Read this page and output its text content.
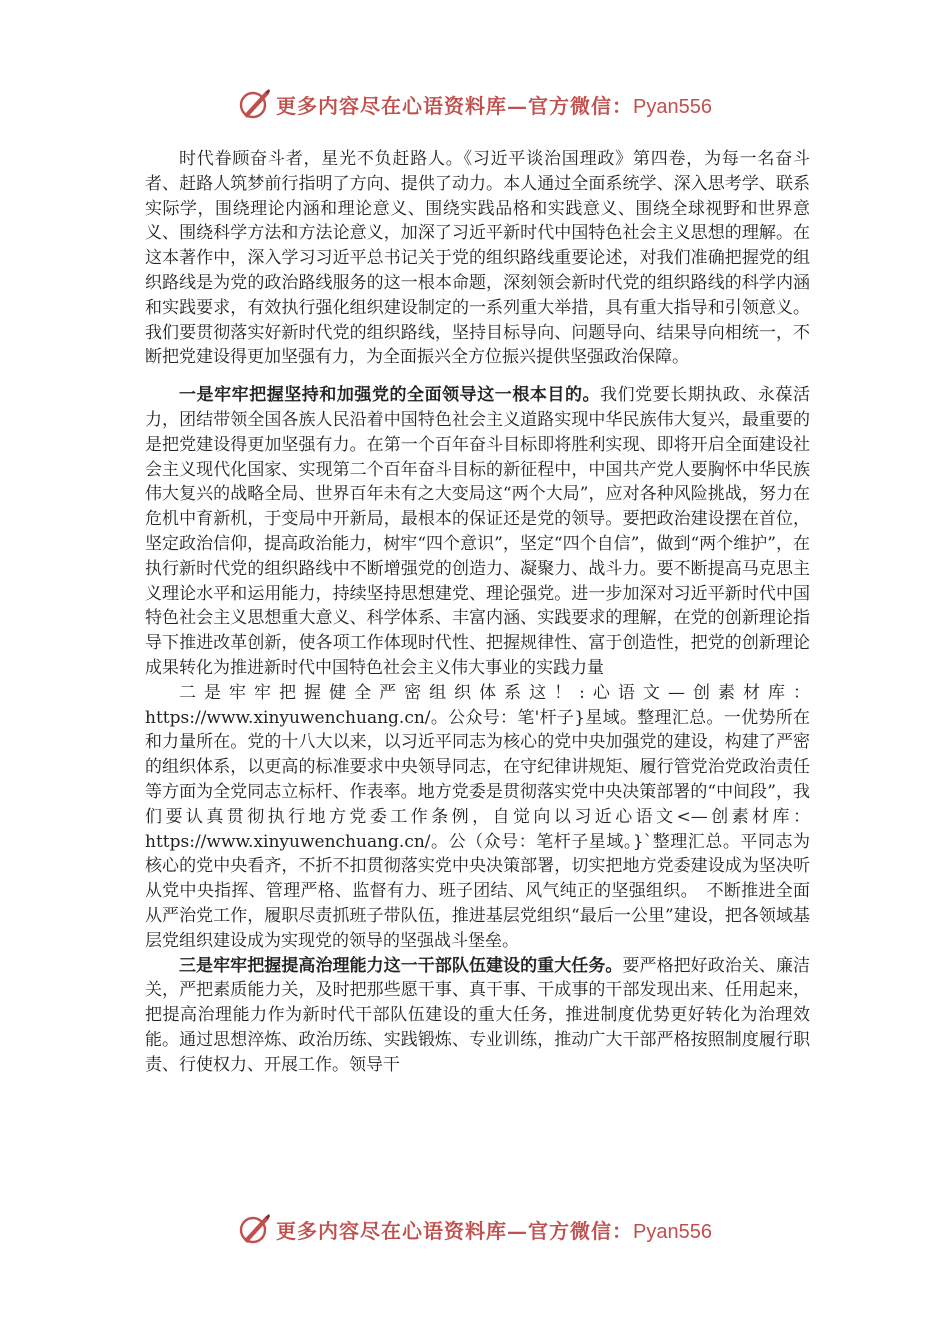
更多内容尽在心语资料库—官方微信：Pyan556

时代眷顾奋斗者，星光不负赶路人。《习近平谈治国理政》第四卷，为每一名奋斗者、赶路人筑梦前行指明了方向、提供了动力。本人通过全面系统学、深入思考学、联系实际学，围绕理论内涵和理论意义、围绕实践品格和实践意义、围绕全球视野和世界意义、围绕科学方法和方法论意义，加深了习近平新时代中国特色社会主义思想的理解。在这本著作中，深入学习习近平总书记关于党的组织路线重要论述，对我们准确把握党的组织路线是为党的政治路线服务的这一根本命题，深刻领会新时代党的组织路线的科学内涵和实践要求，有效执行强化组织建设制定的一系列重大举措，具有重大指导和引领意义。我们要贯彻落实好新时代党的组织路线，坚持目标导向、问题导向、结果导向相统一，不断把党建设得更加坚强有力，为全面振兴全方位振兴提供坚强政治保障。

一是牢牢把握坚持和加强党的全面领导这一根本目的。我们党要长期执政、永葆活力，团结带领全国各族人民沿着中国特色社会主义道路实现中华民族伟大复兴，最重要的是把党建设得更加坚强有力。在第一个百年奋斗目标即将胜利实现、即将开启全面建设社会主义现代化国家、实现第二个百年奋斗目标的新征程中，中国共产党人要胸怀中华民族伟大复兴的战略全局、世界百年未有之大变局这“两个大局”，应对各种风险挑战，努力在危机中育新机，于变局中开新局，最根本的保证还是党的领导。要把政治建设摆在首位，坚定政治信仰，提高政治能力，树牢“四个意识”，坚定“四个自信”，做到“两个维护”，在执行新时代党的组织路线中不断增强党的创造力、凝聚力、战斗力。要不断提高马克思主义理论水平和运用能力，持续坚持思想建党、理论强党。进一步加深对习近平新时代中国特色社会主义思想重大意义、科学体系、丰富内涵、实践要求的理解，在党的创新理论指导下推进改革创新，使各项工作体现时代性、把握规律性、富于创造性，把党的创新理论成果转化为推进新时代中国特色社会主义伟大事业的实践力量

二是牢牢把握健全严密组织体系这！:心语文—创素材库：https://www.xinyuwenchuang.cn/。公众号：笔'杆子}星域。整理汇总。一优势所在和力量所在。党的十八大以来，以习近平同志为核心的党中央加强党的建设，构建了严密的组织体系，以更高的标准要求中央领导同志，在守纪律讲规矩、履行管党治党政治责任等方面为全党同志立标杆、作表率。地方党委是贯彻落实党中央决策部署的“中间段”，我们要认真贯彻执行地方党委工作条例，自觉向以习近心语文<—创素材库：https://www.xinyuwenchuang.cn/。公（众号：笔杆子星域。}`整理汇总。平同志为核心的党中央看齐，不折不扣贯彻落实党中央决策部署，切实把地方党委建设成为坚决听从党中央指挥、管理严格、监督有力、班子团结、风气纯正的坚强组织。　不断推进全面从严治党工作，履职尽责抓班子带队伍，推进基层党组织“最后一公里”建设，把各领域基层党组织建设成为实现党的领导的坚强战斗堡垒。

三是牢牢把握提高治理能力这一干部队伍建设的重大任务。要严格把好政治关、廉洁关，严把素质能力关，及时把那些愿干事、真干事、干成事的干部发现出来、任用起来，把提高治理能力作为新时代干部队伍建设的重大任务，推进制度优势更好转化为治理效能。通过思想淬炼、政治历练、实践锻炼、专业训练，推动广大干部严格按照制度履行职责、行使权力、开展工作。领导干

更多内容尽在心语资料库—官方微信：Pyan556
